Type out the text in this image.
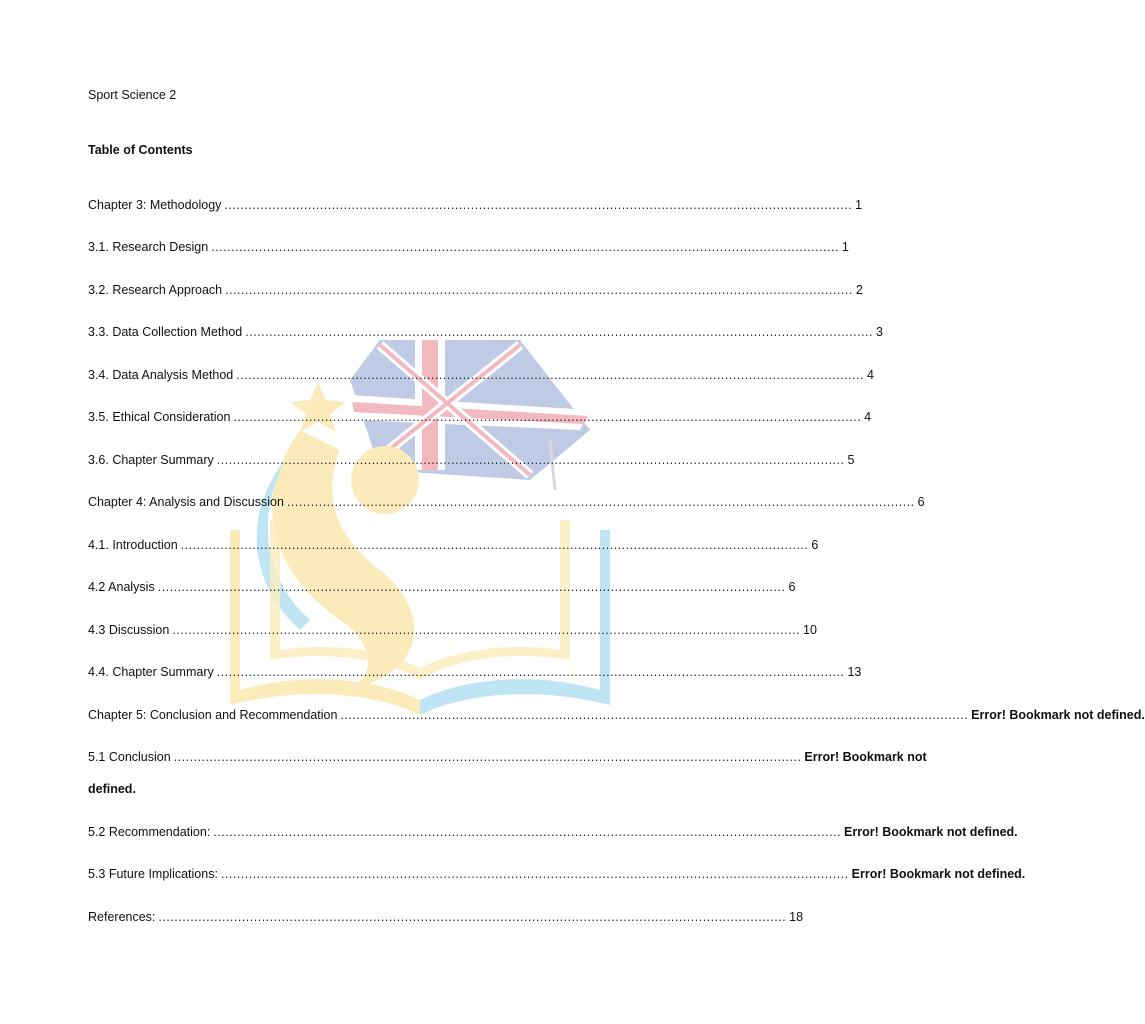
Sport Science 2
Table of Contents
Chapter 3: Methodology .............................................................................................................................................................. 1
3.1. Research Design .............................................................................................................................................................. 1
3.2. Research Approach .............................................................................................................................................................. 2
3.3. Data Collection Method .............................................................................................................................................................. 3
3.4. Data Analysis Method .............................................................................................................................................................. 4
3.5. Ethical Consideration .............................................................................................................................................................. 4
3.6. Chapter Summary .............................................................................................................................................................. 5
Chapter 4: Analysis and Discussion .............................................................................................................................................................. 6
4.1. Introduction .............................................................................................................................................................. 6
4.2 Analysis .............................................................................................................................................................. 6
4.3 Discussion .............................................................................................................................................................. 10
4.4. Chapter Summary .............................................................................................................................................................. 13
Chapter 5: Conclusion and Recommendation .............................................................................................................................................................. Error! Bookmark not defined.
5.1 Conclusion .............................................................................................................................................................. Error! Bookmark not
defined.
5.2 Recommendation: .............................................................................................................................................................. Error! Bookmark not defined.
5.3 Future Implications: .............................................................................................................................................................. Error! Bookmark not defined.
References: .............................................................................................................................................................. 18
